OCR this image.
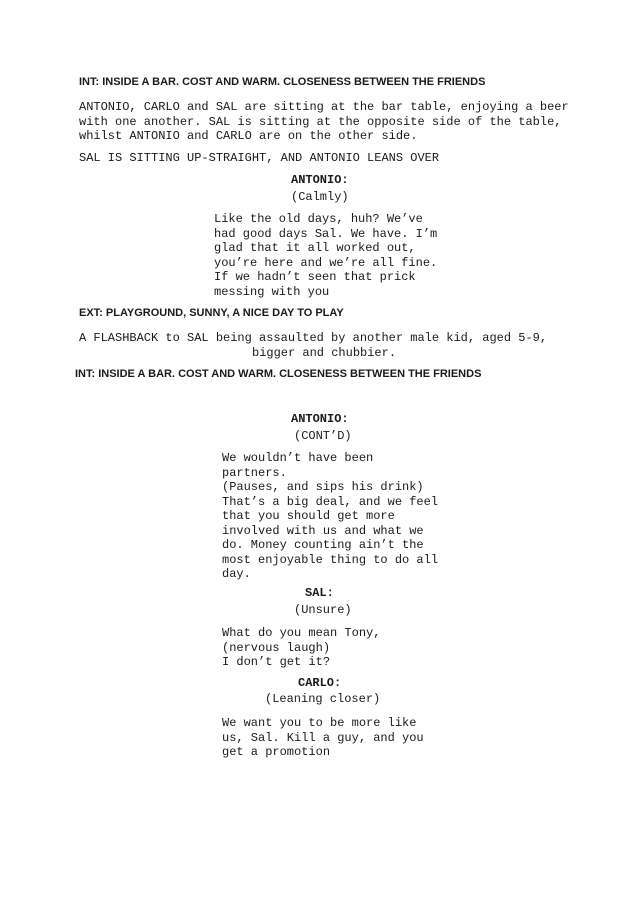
INT: INSIDE A BAR. COST AND WARM. CLOSENESS BETWEEN THE FRIENDS

ANTONIO, CARLO and SAL are sitting at the bar table, enjoying a beer
with one another. SAL is sitting at the opposite side of the table,
whilst ANTONIO and CARLO are on the other side.

SAL IS SITTING UP-STRAIGHT, AND ANTONIO LEANS OVER

ANTONIO:

(Calmly)

Like the old days, huh? We’ve
had good days Sal. We have. I’m
glad that it all worked out,
you’re here and we’re all fine.
If we hadn’t seen that prick
messing with you

EXT: PLAYGROUND, SUNNY, A NICE DAY TO PLAY

A FLASHBACK to SAL being assaulted by another male kid, aged 5-9,

bigger and chubbier.

INT: INSIDE A BAR. COST AND WARM. CLOSENESS BETWEEN THE FRIENDS

ANTONIO:

(CONT’D)

We wouldn’t have been
partners.
(Pauses, and sips his drink)
That’s a big deal, and we feel
that you should get more
involved with us and what we
do. Money counting ain’t the
most enjoyable thing to do all
day.

SAL:

(Unsure)

What do you mean Tony,
(nervous laugh)
I don’t get it?

CARLO:

(Leaning closer)

We want you to be more like
us, Sal. Kill a guy, and you
get a promotion
